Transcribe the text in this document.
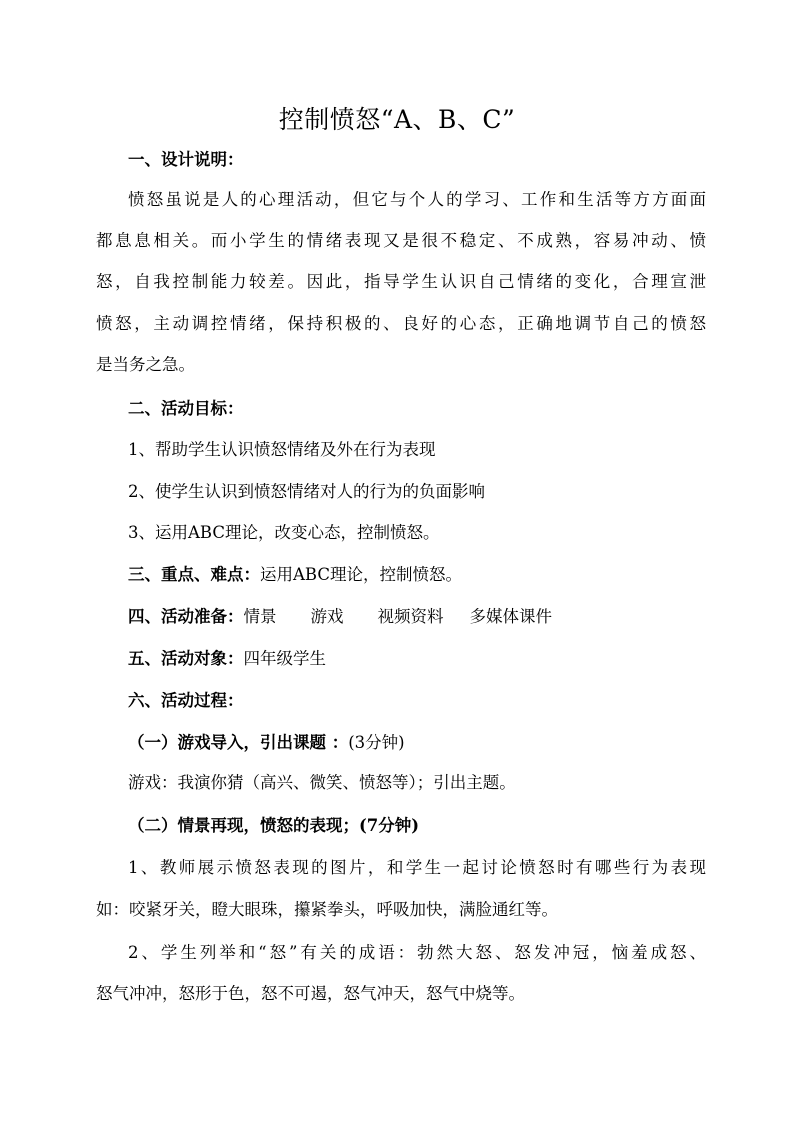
控制愤怒“A、B、C”
一、设计说明：
愤怒虽说是人的心理活动，但它与个人的学习、工作和生活等方方面面
都息息相关。而小学生的情绪表现又是很不稳定、不成熟，容易冲动、愤
怒，自我控制能力较差。因此，指导学生认识自己情绪的变化，合理宣泄
愤怒，主动调控情绪，保持积极的、良好的心态，正确地调节自己的愤怒
是当务之急。
二、活动目标：
1、帮助学生认识愤怒情绪及外在行为表现
2、使学生认识到愤怒情绪对人的行为的负面影响
3、运用ABC理论，改变心态，控制愤怒。
三、重点、难点：运用ABC理论，控制愤怒。
四、活动准备：情景 游戏 视频资料 多媒体课件
五、活动对象：四年级学生
六、活动过程：
（一）游戏导入，引出课题 ：(3分钟)
游戏：我演你猜（高兴、微笑、愤怒等）；引出主题。
（二）情景再现，愤怒的表现；(7分钟)
1、教师展示愤怒表现的图片，和学生一起讨论愤怒时有哪些行为表现
如：咬紧牙关，瞪大眼珠，攥紧拳头，呼吸加快，满脸通红等。
2、学生列举和“怒”有关的成语：勃然大怒、怒发冲冠，恼羞成怒、
怒气冲冲，怒形于色，怒不可遏，怒气冲天，怒气中烧等。
